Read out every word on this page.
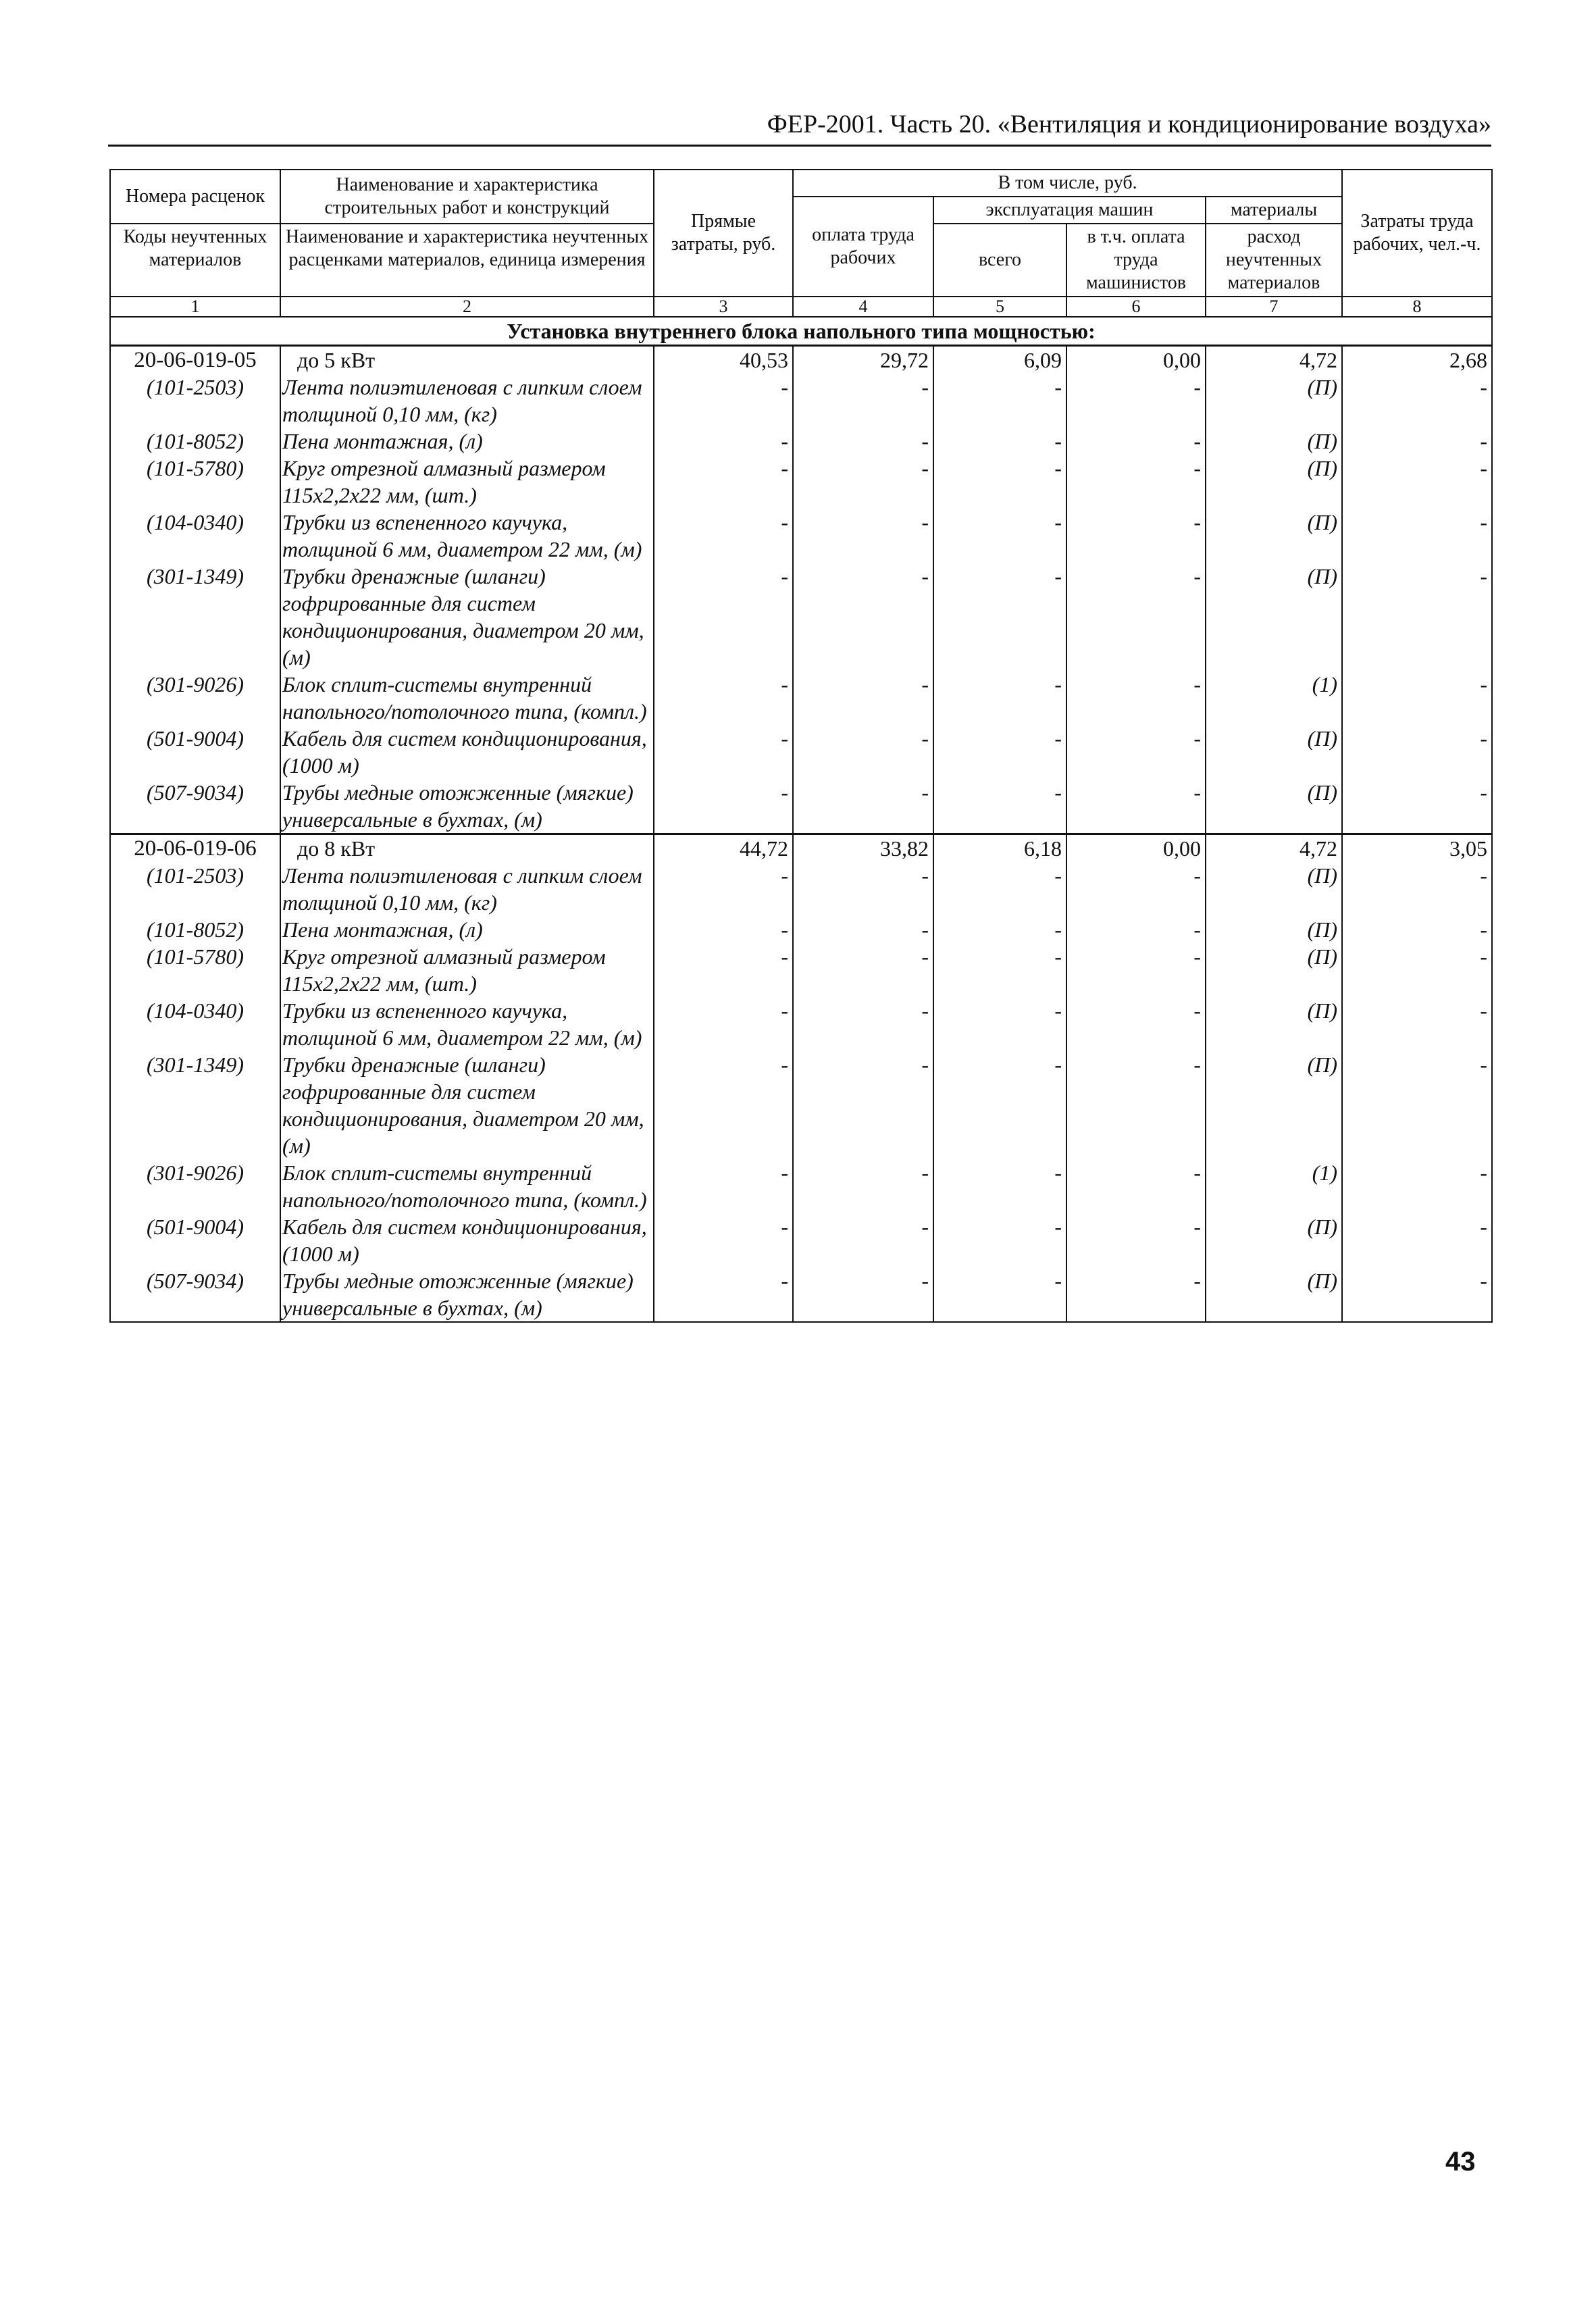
ФЕР-2001. Часть 20. «Вентиляция и кондиционирование воздуха»
Номера расценок	Наименование и характеристика строительных работ и конструкций	Прямые затраты, руб.	В том числе, руб.				Затраты труда рабочих, чел.-ч.
			оплата труда рабочих	эксплуатация машин		материалы	
Коды неучтенных материалов	Наименование и характеристика неучтенных расценками материалов, единица измерения			всего	в т.ч. оплата труда машинистов	расход неучтенных материалов	

1	2	3	4	5	6	7	8
Установка внутреннего блока напольного типа мощностью:							
20-06-019-05	до 5 кВт	40,53	29,72	6,09	0,00	4,72	2,68
(101-2503)	Лента полиэтиленовая с липким слоем толщиной 0,10 мм, (кг)	-	-	-	-	(П)	-
(101-8052)	Пена монтажная, (л)	-	-	-	-	(П)	-
(101-5780)	Круг отрезной алмазный размером 115х2,2х22 мм, (шт.)	-	-	-	-	(П)	-
(104-0340)	Трубки из вспененного каучука, толщиной 6 мм, диаметром 22 мм, (м)	-	-	-	-	(П)	-
(301-1349)	Трубки дренажные (шланги) гофрированные для систем кондиционирования, диаметром 20 мм, (м)	-	-	-	-	(П)	-
(301-9026)	Блок сплит-системы внутренний напольного/потолочного типа, (компл.)	-	-	-	-	(1)	-
(501-9004)	Кабель для систем кондиционирования, (1000 м)	-	-	-	-	(П)	-
(507-9034)	Трубы медные отожженные (мягкие) универсальные в бухтах, (м)	-	-	-	-	(П)	-
20-06-019-06	до 8 кВт	44,72	33,82	6,18	0,00	4,72	3,05
(101-2503)	Лента полиэтиленовая с липким слоем толщиной 0,10 мм, (кг)	-	-	-	-	(П)	-
(101-8052)	Пена монтажная, (л)	-	-	-	-	(П)	-
(101-5780)	Круг отрезной алмазный размером 115х2,2х22 мм, (шт.)	-	-	-	-	(П)	-
(104-0340)	Трубки из вспененного каучука, толщиной 6 мм, диаметром 22 мм, (м)	-	-	-	-	(П)	-
(301-1349)	Трубки дренажные (шланги) гофрированные для систем кондиционирования, диаметром 20 мм, (м)	-	-	-	-	(П)	-
(301-9026)	Блок сплит-системы внутренний напольного/потолочного типа, (компл.)	-	-	-	-	(1)	-
(501-9004)	Кабель для систем кондиционирования, (1000 м)	-	-	-	-	(П)	-
(507-9034)	Трубы медные отожженные (мягкие) универсальные в бухтах, (м)	-	-	-	-	(П)	-
43
